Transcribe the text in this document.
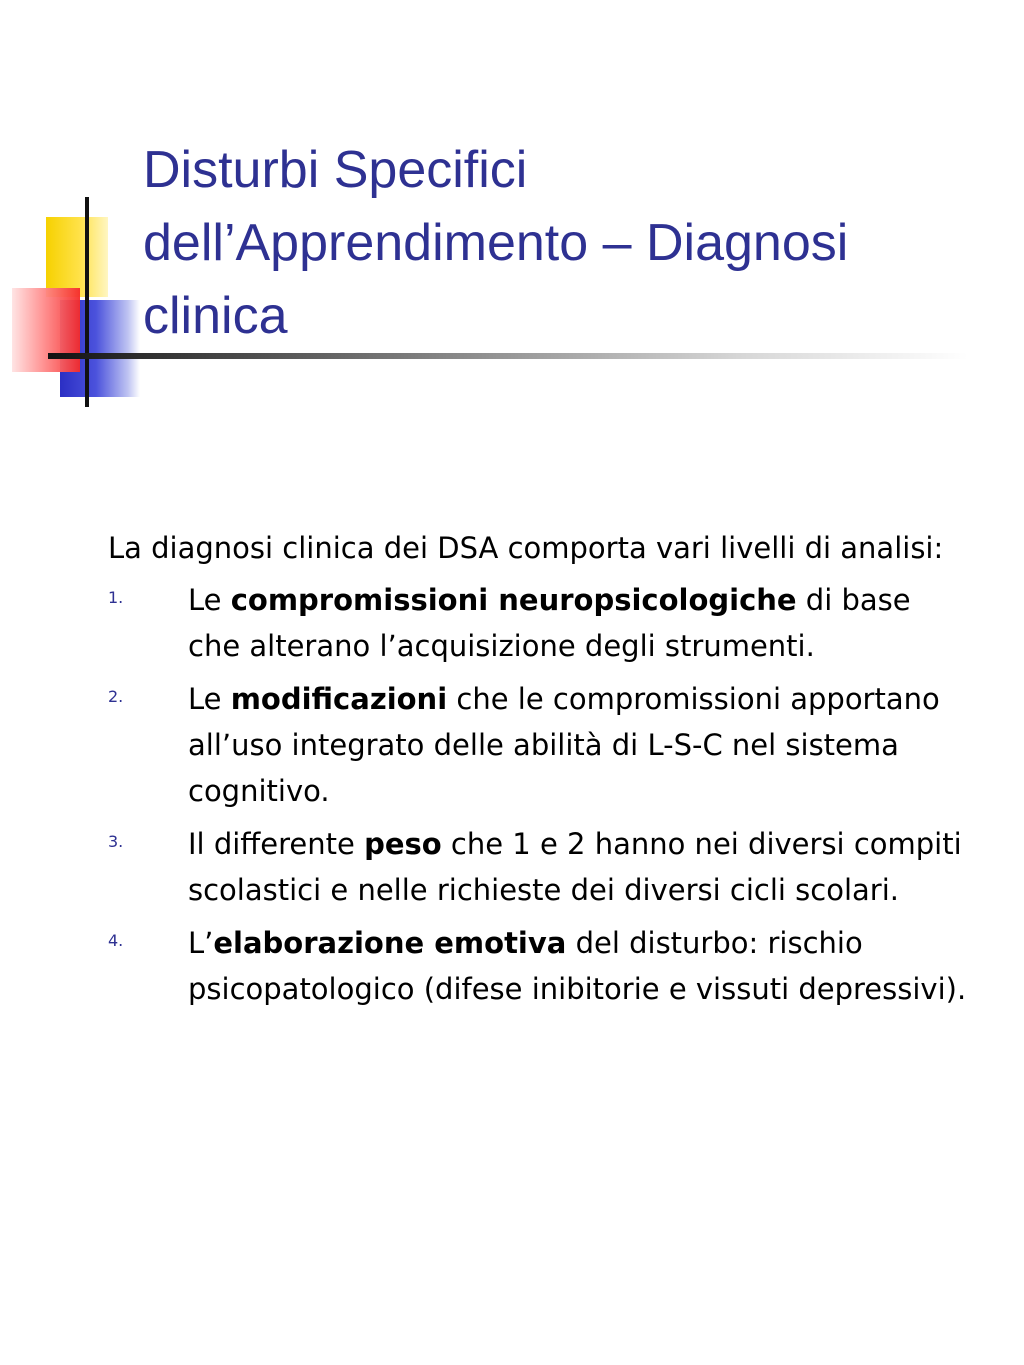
Disturbi Specifici
dell’Apprendimento – Diagnosi
clinica

La diagnosi clinica dei DSA comporta vari livelli di analisi:

1. Le compromissioni neuropsicologiche di base che alterano l’acquisizione degli strumenti.
2. Le modificazioni che le compromissioni apportano all’uso integrato delle abilità di L-S-C nel sistema cognitivo.
3. Il differente peso che 1 e 2 hanno nei diversi compiti scolastici e nelle richieste dei diversi cicli scolari.
4. L’elaborazione emotiva del disturbo: rischio psicopatologico (difese inibitorie e vissuti depressivi).
